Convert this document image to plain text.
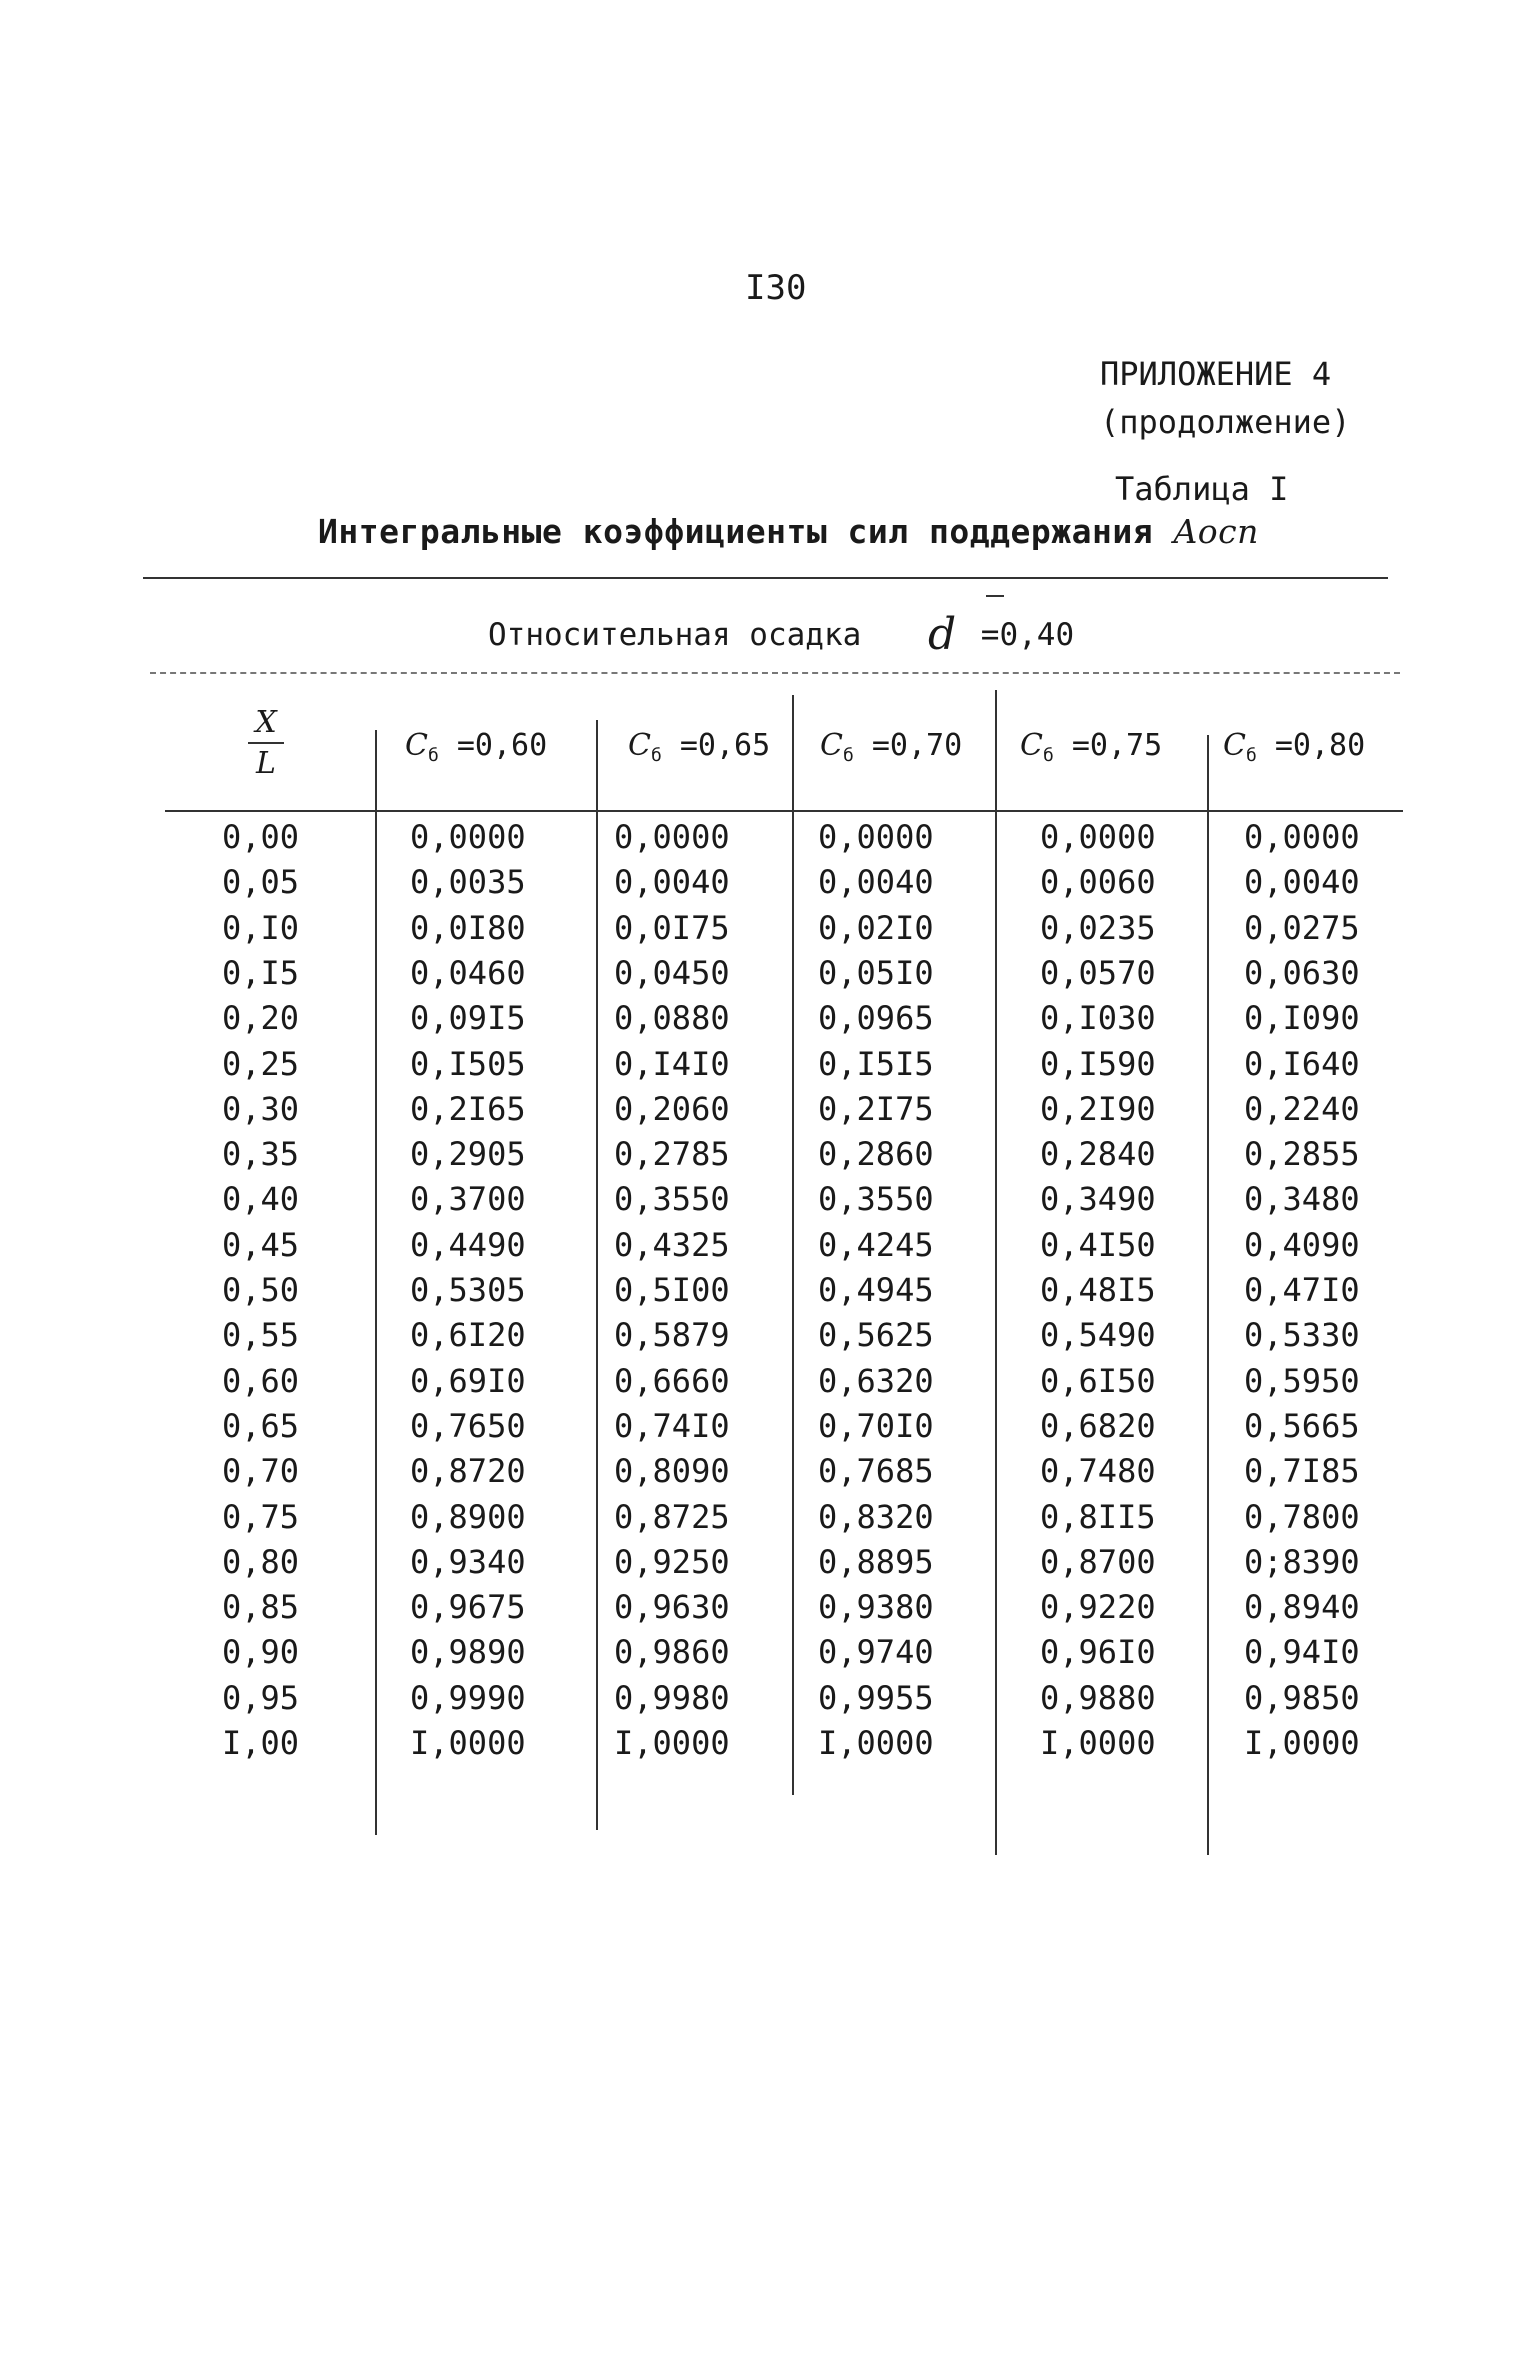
I30
ПРИЛОЖЕНИЕ 4
(продолжение)
Таблица I
Интегральные коэффициенты сил поддержания Aосп
Относительная осадка d =0,40
X
L
$C_б =0,60$	$C_б =0,65$ $C_б =0,70$ $C_б =0,75$ $C_б =0,80$
0,00	0,0000	0,0000	0,0000	0,0000	0,0000
0,05	0,0035	0,0040	0,0040	0,0060	0,0040
0,I0	0,0I80	0,0I75	0,02I0	0,0235	0,0275
0,I5	0,0460	0,0450	0,05I0	0,0570	0,0630
0,20	0,09I5	0,0880	0,0965	0,I030	0,I090
0,25	0,I505	0,I4I0	0,I5I5	0,I590	0,I640
0,30	0,2I65	0,2060	0,2I75	0,2I90	0,2240
0,35	0,2905	0,2785	0,2860	0,2840	0,2855
0,40	0,3700	0,3550	0,3550	0,3490	0,3480
0,45	0,4490	0,4325	0,4245	0,4I50	0,4090
0,50	0,5305	0,5I00	0,4945	0,48I5	0,47I0
0,55	0,6I20	0,5879	0,5625	0,5490	0,5330
0,60	0,69I0	0,6660	0,6320	0,6I50	0,5950
0,65	0,7650	0,74I0	0,70I0	0,6820	0,5665
0,70	0,8720	0,8090	0,7685	0,7480	0,7I85
0,75	0,8900	0,8725	0,8320	0,8II5	0,7800
0,80	0,9340	0,9250	0,8895	0,8700	0;8390
0,85	0,9675	0,9630	0,9380	0,9220	0,8940
0,90	0,9890	0,9860	0,9740	0,96I0	0,94I0
0,95	0,9990	0,9980	0,9955	0,9880	0,9850
I,00	I,0000	I,0000	I,0000	I,0000	I,0000
